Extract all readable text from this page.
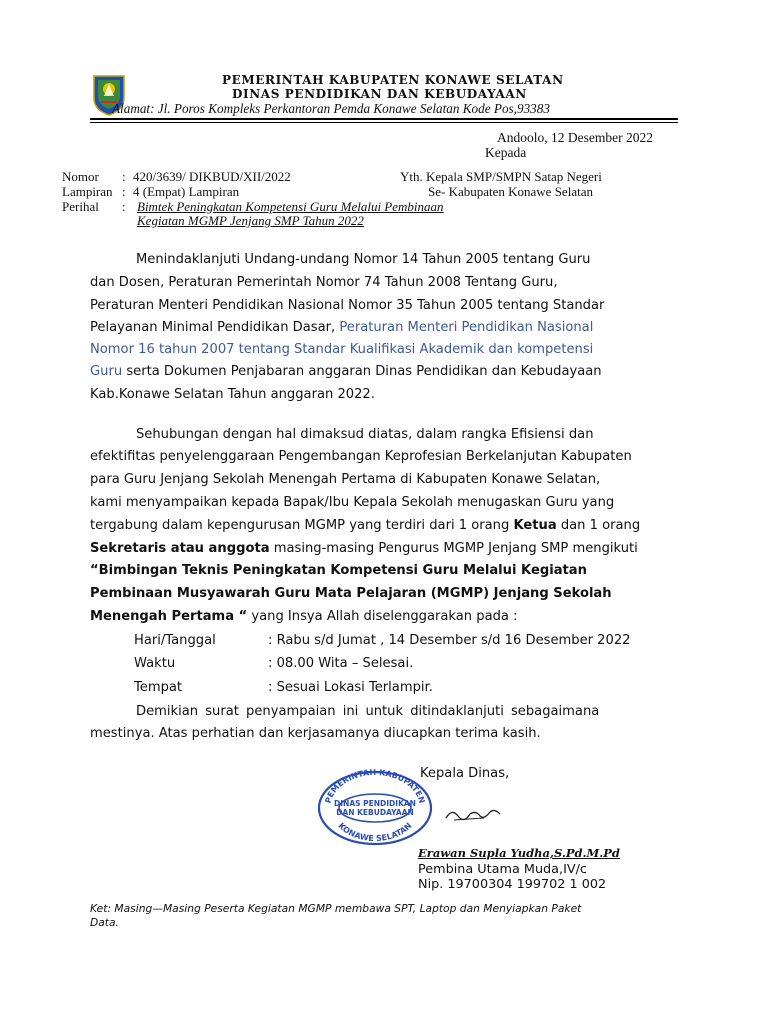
PEMERINTAH KABUPATEN KONAWE SELATAN
DINAS PENDIDIKAN DAN KEBUDAYAAN
Alamat: Jl. Poros Kompleks Perkantoran Pemda Konawe Selatan Kode Pos,93383
Andoolo, 12 Desember 2022
Kepada
Nomor : 420/3639/ DIKBUD/XII/2022
Lampiran : 4 (Empat) Lampiran
Perihal : Bimtek Peningkatan Kompetensi Guru Melalui Pembinaan
Kegiatan MGMP Jenjang SMP Tahun 2022
Yth. Kepala SMP/SMPN Satap Negeri
Se- Kabupaten Konawe Selatan
Menindaklanjuti Undang-undang Nomor 14 Tahun 2005 tentang Guru
dan Dosen, Peraturan Pemerintah Nomor 74 Tahun 2008 Tentang Guru,
Peraturan Menteri Pendidikan Nasional Nomor 35 Tahun 2005 tentang Standar
Pelayanan Minimal Pendidikan Dasar, Peraturan Menteri Pendidikan Nasional
Nomor 16 tahun 2007 tentang Standar Kualifikasi Akademik dan kompetensi
Guru serta Dokumen Penjabaran anggaran Dinas Pendidikan dan Kebudayaan
Kab.Konawe Selatan Tahun anggaran 2022.
Sehubungan dengan hal dimaksud diatas, dalam rangka Efisiensi dan
efektifitas penyelenggaraan Pengembangan Keprofesian Berkelanjutan Kabupaten
para Guru Jenjang Sekolah Menengah Pertama di Kabupaten Konawe Selatan,
kami menyampaikan kepada Bapak/Ibu Kepala Sekolah menugaskan Guru yang
tergabung dalam kepengurusan MGMP yang terdiri dari 1 orang Ketua dan 1 orang
Sekretaris atau anggota masing-masing Pengurus MGMP Jenjang SMP mengikuti
“Bimbingan Teknis Peningkatan Kompetensi Guru Melalui Kegiatan
Pembinaan Musyawarah Guru Mata Pelajaran (MGMP) Jenjang Sekolah
Menengah Pertama “ yang Insya Allah diselenggarakan pada :
Hari/Tanggal	: Rabu s/d Jumat , 14 Desember s/d 16 Desember 2022
Waktu	: 08.00 Wita – Selesai.
Tempat	: Sesuai Lokasi Terlampir.
Demikian surat penyampaian ini untuk ditindaklanjuti sebagaimana
mestinya. Atas perhatian dan kerjasamanya diucapkan terima kasih.
Kepala Dinas,
PEMERINTAH KABUPATEN
DINAS PENDIDIKAN
DAN KEBUDAYAAN
KONAWE SELATAN
Erawan Supla Yudha,S.Pd.M.Pd
Pembina Utama Muda,IV/c
Nip. 19700304 199702 1 002
Ket: Masing—Masing Peserta Kegiatan MGMP membawa SPT, Laptop dan Menyiapkan Paket
Data.
